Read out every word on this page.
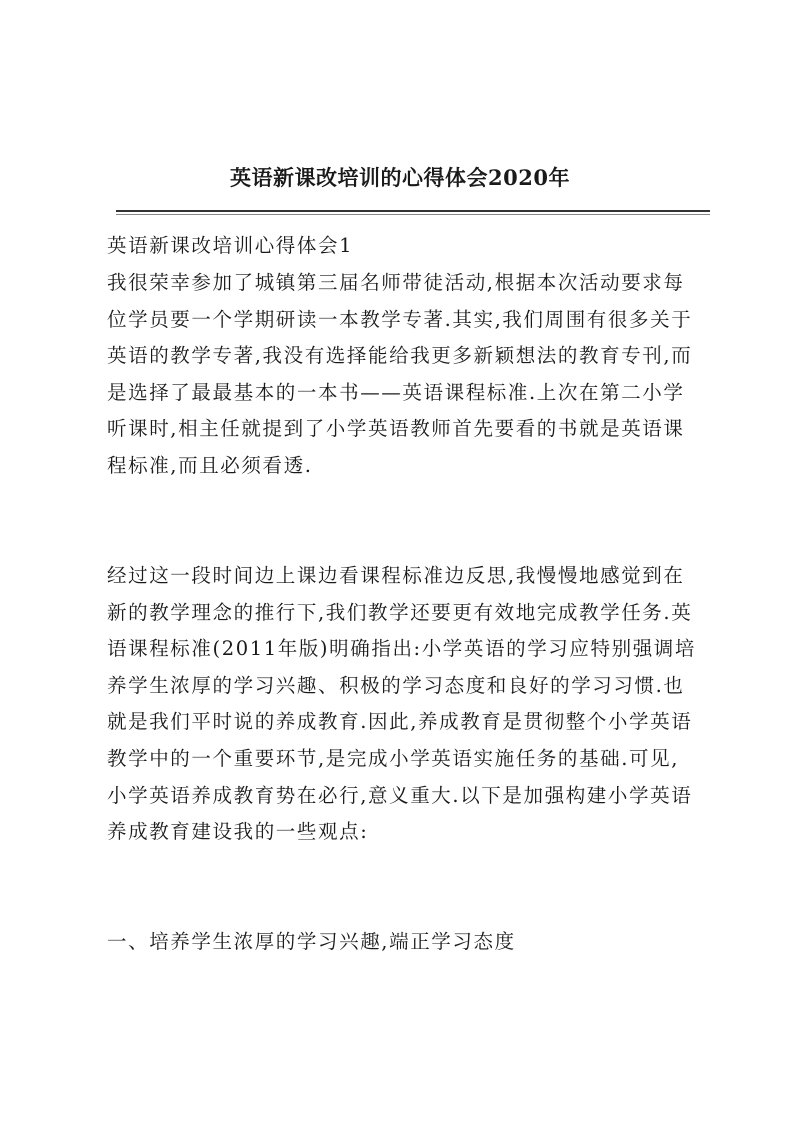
英语新课改培训的心得体会2020年
英语新课改培训心得体会1
我很荣幸参加了城镇第三届名师带徒活动,根据本次活动要求每
位学员要一个学期研读一本教学专著.其实,我们周围有很多关于
英语的教学专著,我没有选择能给我更多新颖想法的教育专刊,而
是选择了最最基本的一本书——英语课程标准.上次在第二小学
听课时,相主任就提到了小学英语教师首先要看的书就是英语课
程标准,而且必须看透.
经过这一段时间边上课边看课程标准边反思,我慢慢地感觉到在
新的教学理念的推行下,我们教学还要更有效地完成教学任务.英
语课程标准(2011年版)明确指出:小学英语的学习应特别强调培
养学生浓厚的学习兴趣、积极的学习态度和良好的学习习惯.也
就是我们平时说的养成教育.因此,养成教育是贯彻整个小学英语
教学中的一个重要环节,是完成小学英语实施任务的基础.可见,
小学英语养成教育势在必行,意义重大.以下是加强构建小学英语
养成教育建设我的一些观点:
一、培养学生浓厚的学习兴趣,端正学习态度
